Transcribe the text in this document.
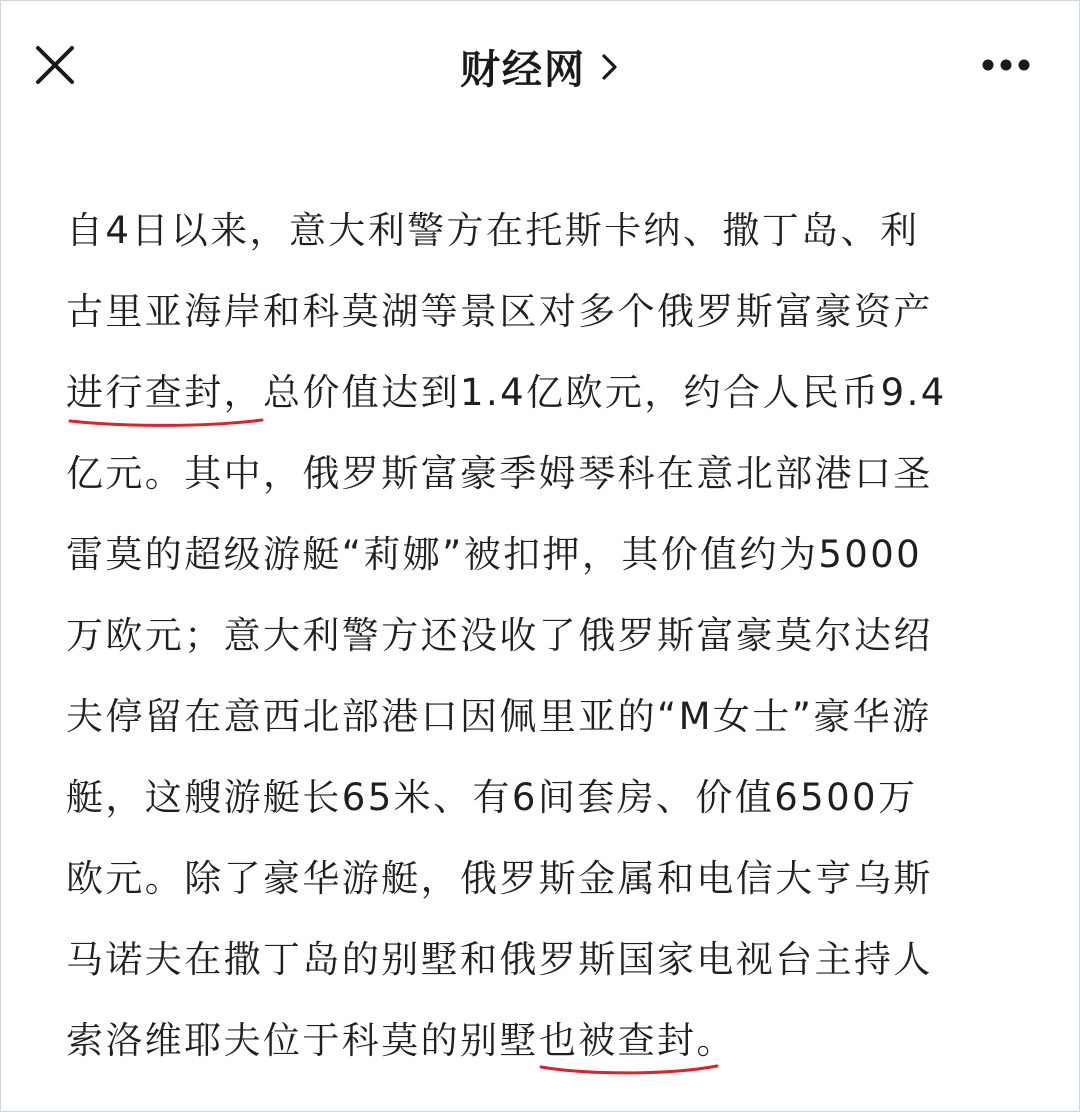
财经网
自4日以来，意大利警方在托斯卡纳、撒丁岛、利
古里亚海岸和科莫湖等景区对多个俄罗斯富豪资产
进行查封，
总价值达到1.4亿欧元，约合人民币9.4
亿元。其中，俄罗斯富豪季姆琴科在意北部港口圣
雷莫的超级游艇“莉娜”被扣押，其价值约为5000
万欧元；意大利警方还没收了俄罗斯富豪莫尔达绍
夫停留在意西北部港口因佩里亚的“M女士”豪华游
艇，这艘游艇长65米、有6间套房、价值6500万
欧元。除了豪华游艇，俄罗斯金属和电信大亨乌斯
马诺夫在撒丁岛的别墅和俄罗斯国家电视台主持人
索洛维耶夫位于科莫的别墅也被查封
。
